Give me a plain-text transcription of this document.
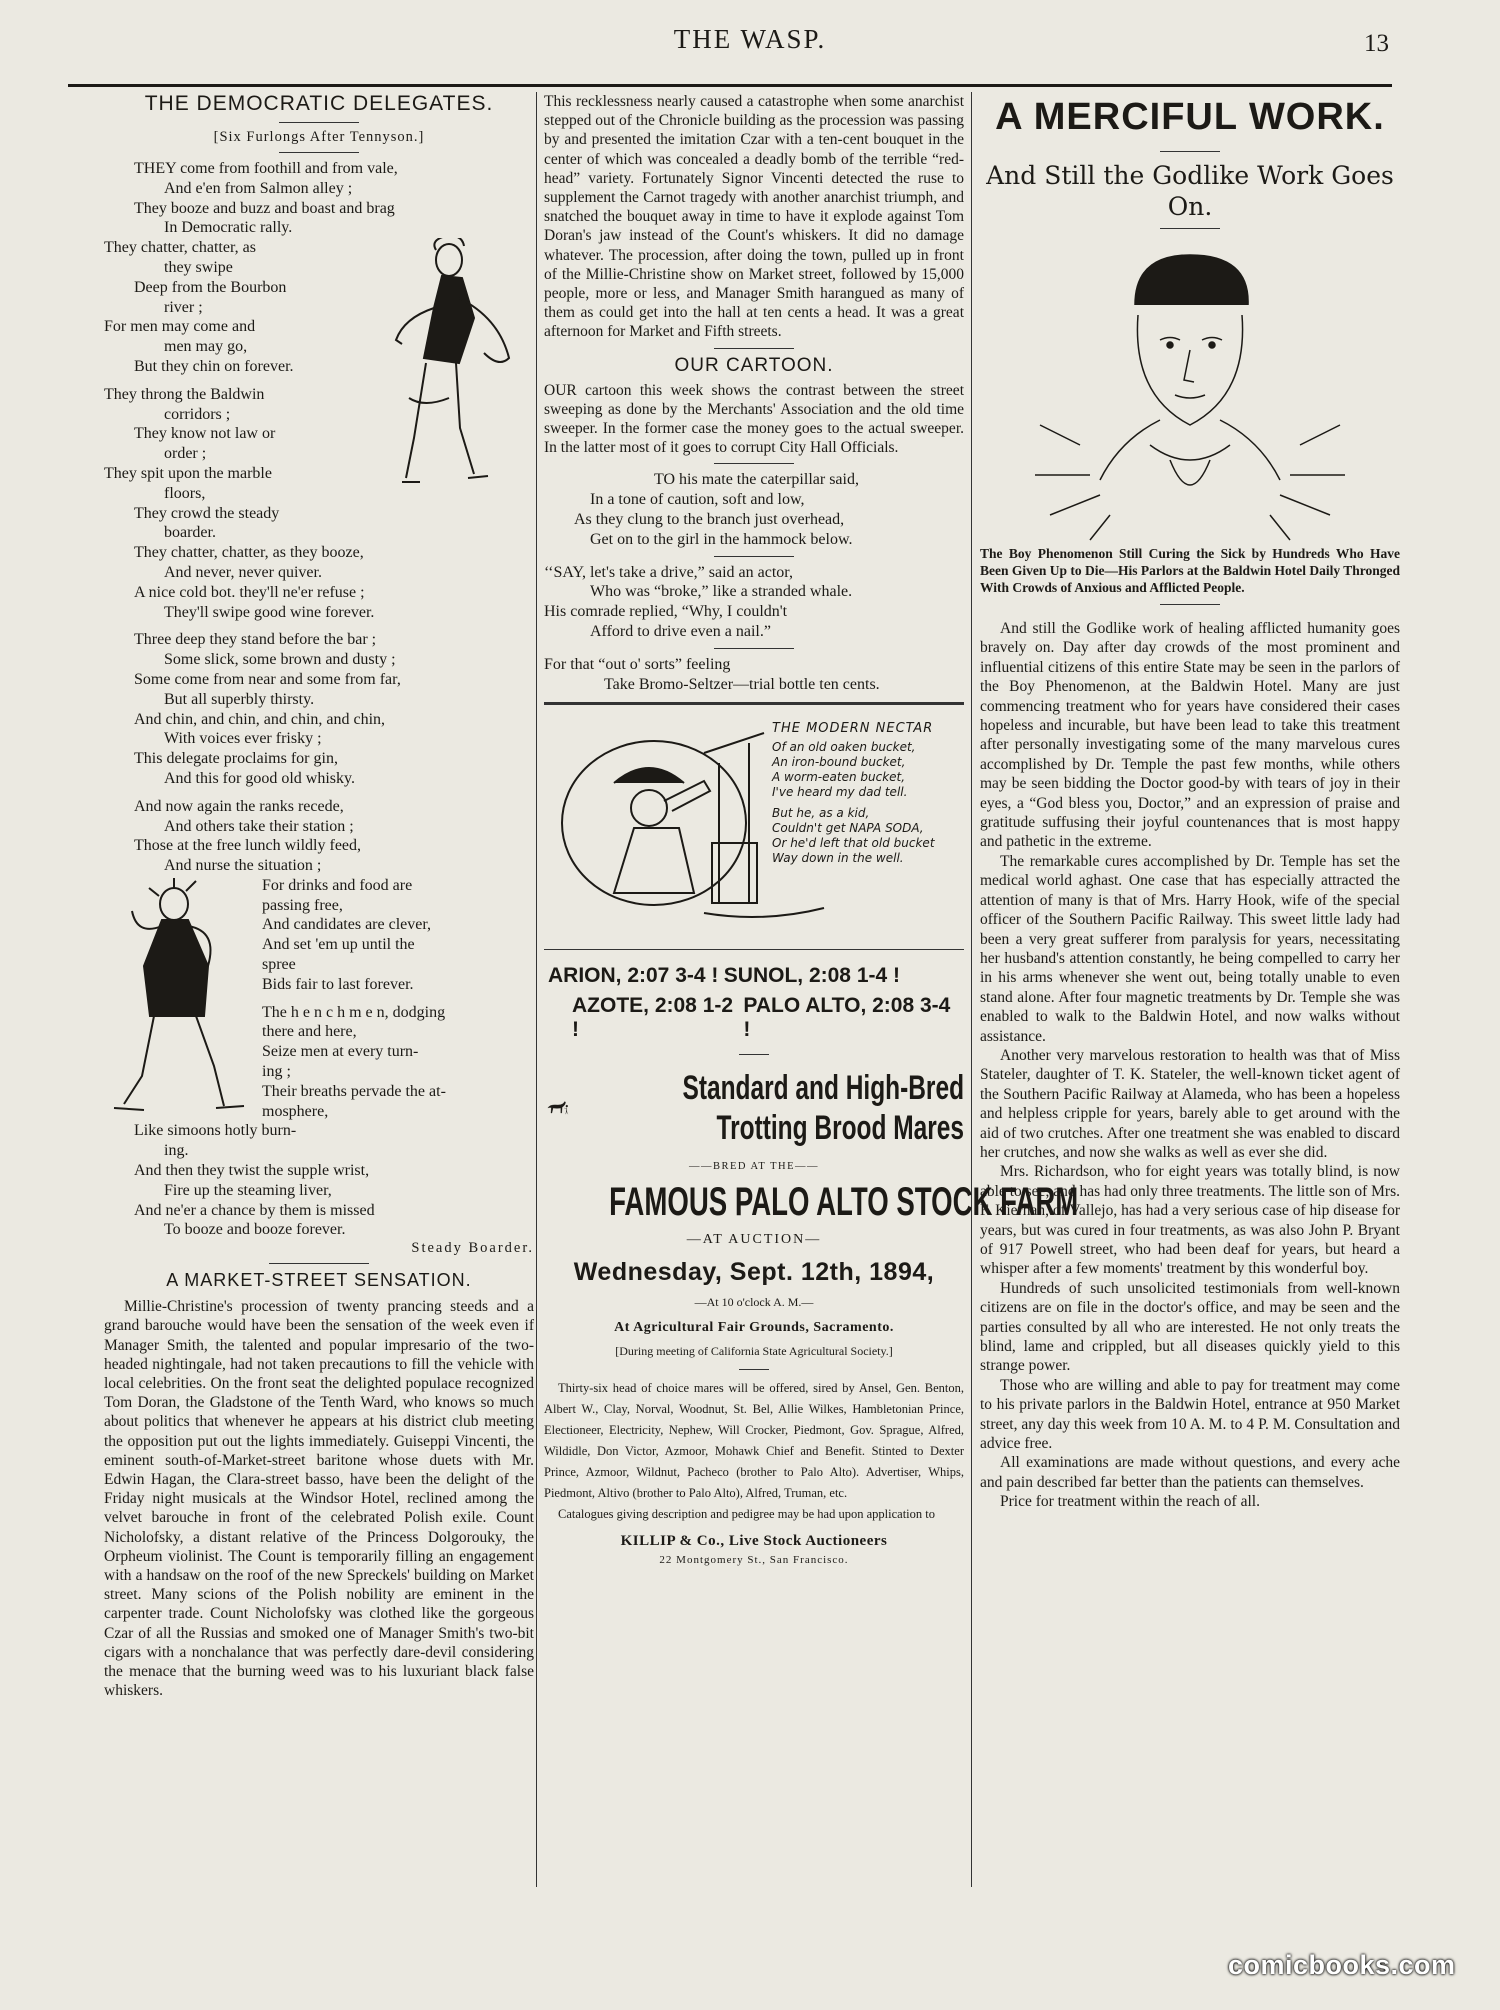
THE WASP.	13
THE DEMOCRATIC DELEGATES.
[Six Furlongs After Tennyson.]
THEY come from foothill and from vale,
And e'en from Salmon alley ;
They booze and buzz and boast and brag
In Democratic rally.
They chatter, chatter, as
they swipe
Deep from the Bourbon
river ;
For men may come and
men may go,
But they chin on forever.
They throng the Baldwin
corridors ;
They know not law or
order ;
They spit upon the marble
floors,
They crowd the steady
boarder.
They chatter, chatter, as they booze,
And never, never quiver.
A nice cold bot. they'll ne'er refuse ;
They'll swipe good wine forever.
Three deep they stand before the bar ;
Some slick, some brown and dusty ;
Some come from near and some from far,
But all superbly thirsty.
And chin, and chin, and chin, and chin,
With voices ever frisky ;
This delegate proclaims for gin,
And this for good old whisky.
And now again the ranks recede,
And others take their station ;
Those at the free lunch wildly feed,
And nurse the situation ;
For drinks and food are
passing free,
And candidates are clever,
And set 'em up until the
spree
Bids fair to last forever.
The h e n c h m e n, dodging
there and here,
Seize men at every turn-
ing ;
Their breaths pervade the at-
mosphere,
Like simoons hotly burn-
ing.
And then they twist the supple wrist,
Fire up the steaming liver,
And ne'er a chance by them is missed
To booze and booze forever.
Steady Boarder.
A MARKET-STREET SENSATION.

Millie-Christine's procession of twenty prancing steeds and a grand barouche would have been the sensation of the week even if Manager Smith, the talented and popular impresario of the two-headed nightingale, had not taken precautions to fill the vehicle with local celebrities. On the front seat the delighted populace recognized Tom Doran, the Gladstone of the Tenth Ward, who knows so much about politics that whenever he appears at his district club meeting the opposition put out the lights immediately. Guiseppi Vincenti, the eminent south-of-Market-street baritone whose duets with Mr. Edwin Hagan, the Clara-street basso, have been the delight of the Friday night musicals at the Windsor Hotel, reclined among the velvet barouche in front of the celebrated Polish exile. Count Nicholofsky, a distant relative of the Princess Dolgorouky, the Orpheum violinist. The Count is temporarily filling an engagement with a handsaw on the roof of the new Spreckels' building on Market street. Many scions of the Polish nobility are eminent in the carpenter trade. Count Nicholofsky was clothed like the gorgeous Czar of all the Russias and smoked one of Manager Smith's two-bit cigars with a nonchalance that was perfectly dare-devil considering the menace that the burning weed was to his luxuriant black false whiskers.

This recklessness nearly caused a catastrophe when some anarchist stepped out of the Chronicle building as the procession was passing by and presented the imitation Czar with a ten-cent bouquet in the center of which was concealed a deadly bomb of the terrible “red-head” variety. Fortunately Signor Vincenti detected the ruse to supplement the Carnot tragedy with another anarchist triumph, and snatched the bouquet away in time to have it explode against Tom Doran's jaw instead of the Count's whiskers. It did no damage whatever. The procession, after doing the town, pulled up in front of the Millie-Christine show on Market street, followed by 15,000 people, more or less, and Manager Smith harangued as many of them as could get into the hall at ten cents a head. It was a great afternoon for Market and Fifth streets.

OUR CARTOON.

OUR cartoon this week shows the contrast between the street sweeping as done by the Merchants' Association and the old time sweeper. In the former case the money goes to the actual sweeper. In the latter most of it goes to corrupt City Hall Officials.

TO his mate the caterpillar said,
In a tone of caution, soft and low,
As they clung to the branch just overhead,
Get on to the girl in the hammock below.
‘‘SAY, let's take a drive,” said an actor,
Who was “broke,” like a stranded whale.
His comrade replied, “Why, I couldn't
Afford to drive even a nail.”
For that “out o' sorts” feeling
Take Bromo-Seltzer—trial bottle ten cents.
THE MODERN NECTAR
Of an old oaken bucket,
An iron-bound bucket,
A worm-eaten bucket,
I've heard my dad tell.
But he, as a kid,
Couldn't get NAPA SODA,
Or he'd left that old bucket
Way down in the well.
ARION, 2:07 3-4 ! SUNOL, 2:08 1-4 !
AZOTE, 2:08 1-2 !
PALO ALTO, 2:08 3-4 !
Standard and High-Bred
Trotting Brood Mares
——BRED AT THE——
FAMOUS PALO ALTO STOCK FARM
—AT AUCTION—
Wednesday, Sept. 12th, 1894,
—At 10 o'clock A. M.—
At Agricultural Fair Grounds, Sacramento.
[During meeting of California State Agricultural Society.]

Thirty-six head of choice mares will be offered, sired by Ansel, Gen. Benton, Albert W., Clay, Norval, Woodnut, St. Bel, Allie Wilkes, Hambletonian Prince, Electioneer, Electricity, Nephew, Will Crocker, Piedmont, Gov. Sprague, Alfred, Wildidle, Don Victor, Azmoor, Mohawk Chief and Benefit. Stinted to Dexter Prince, Azmoor, Wildnut, Pacheco (brother to Palo Alto). Advertiser, Whips, Piedmont, Altivo (brother to Palo Alto), Alfred, Truman, etc.

Catalogues giving description and pedigree may be had upon application to

KILLIP & Co., Live Stock Auctioneers
22 Montgomery St., San Francisco.
A MERCIFUL WORK.
And Still the Godlike Work Goes On.

The Boy Phenomenon Still Curing the Sick by Hundreds Who Have Been Given Up to Die—His Parlors at the Baldwin Hotel Daily Thronged With Crowds of Anxious and Afflicted People.

And still the Godlike work of healing afflicted humanity goes bravely on. Day after day crowds of the most prominent and influential citizens of this entire State may be seen in the parlors of the Boy Phenomenon, at the Baldwin Hotel. Many are just commencing treatment who for years have considered their cases hopeless and incurable, but have been lead to take this treatment after personally investigating some of the many marvelous cures accomplished by Dr. Temple the past few months, while others may be seen bidding the Doctor good-by with tears of joy in their eyes, a “God bless you, Doctor,” and an expression of praise and gratitude suffusing their joyful countenances that is most happy and pathetic in the extreme.

The remarkable cures accomplished by Dr. Temple has set the medical world aghast. One case that has especially attracted the attention of many is that of Mrs. Harry Hook, wife of the special officer of the Southern Pacific Railway. This sweet little lady had been a very great sufferer from paralysis for years, necessitating her husband's attention constantly, he being compelled to carry her in his arms whenever she went out, being totally unable to even stand alone. After four magnetic treatments by Dr. Temple she was enabled to walk to the Baldwin Hotel, and now walks without assistance.

Another very marvelous restoration to health was that of Miss Stateler, daughter of T. K. Stateler, the well-known ticket agent of the Southern Pacific Railway at Alameda, who has been a hopeless and helpless cripple for years, barely able to get around with the aid of two crutches. After one treatment she was enabled to discard her crutches, and now she walks as well as ever she did.

Mrs. Richardson, who for eight years was totally blind, is now able to see, and has had only three treatments. The little son of Mrs. F. Kiernan, of Vallejo, has had a very serious case of hip disease for years, but was cured in four treatments, as was also John P. Bryant of 917 Powell street, who had been deaf for years, but heard a whisper after a few moments' treatment by this wonderful boy.

Hundreds of such unsolicited testimonials from well-known citizens are on file in the doctor's office, and may be seen and the parties consulted by all who are interested. He not only treats the blind, lame and crippled, but all diseases quickly yield to this strange power.

Those who are willing and able to pay for treatment may come to his private parlors in the Baldwin Hotel, entrance at 950 Market street, any day this week from 10 A. M. to 4 P. M. Consultation and advice free.

All examinations are made without questions, and every ache and pain described far better than the patients can themselves.

Price for treatment within the reach of all.

comicbooks.com
